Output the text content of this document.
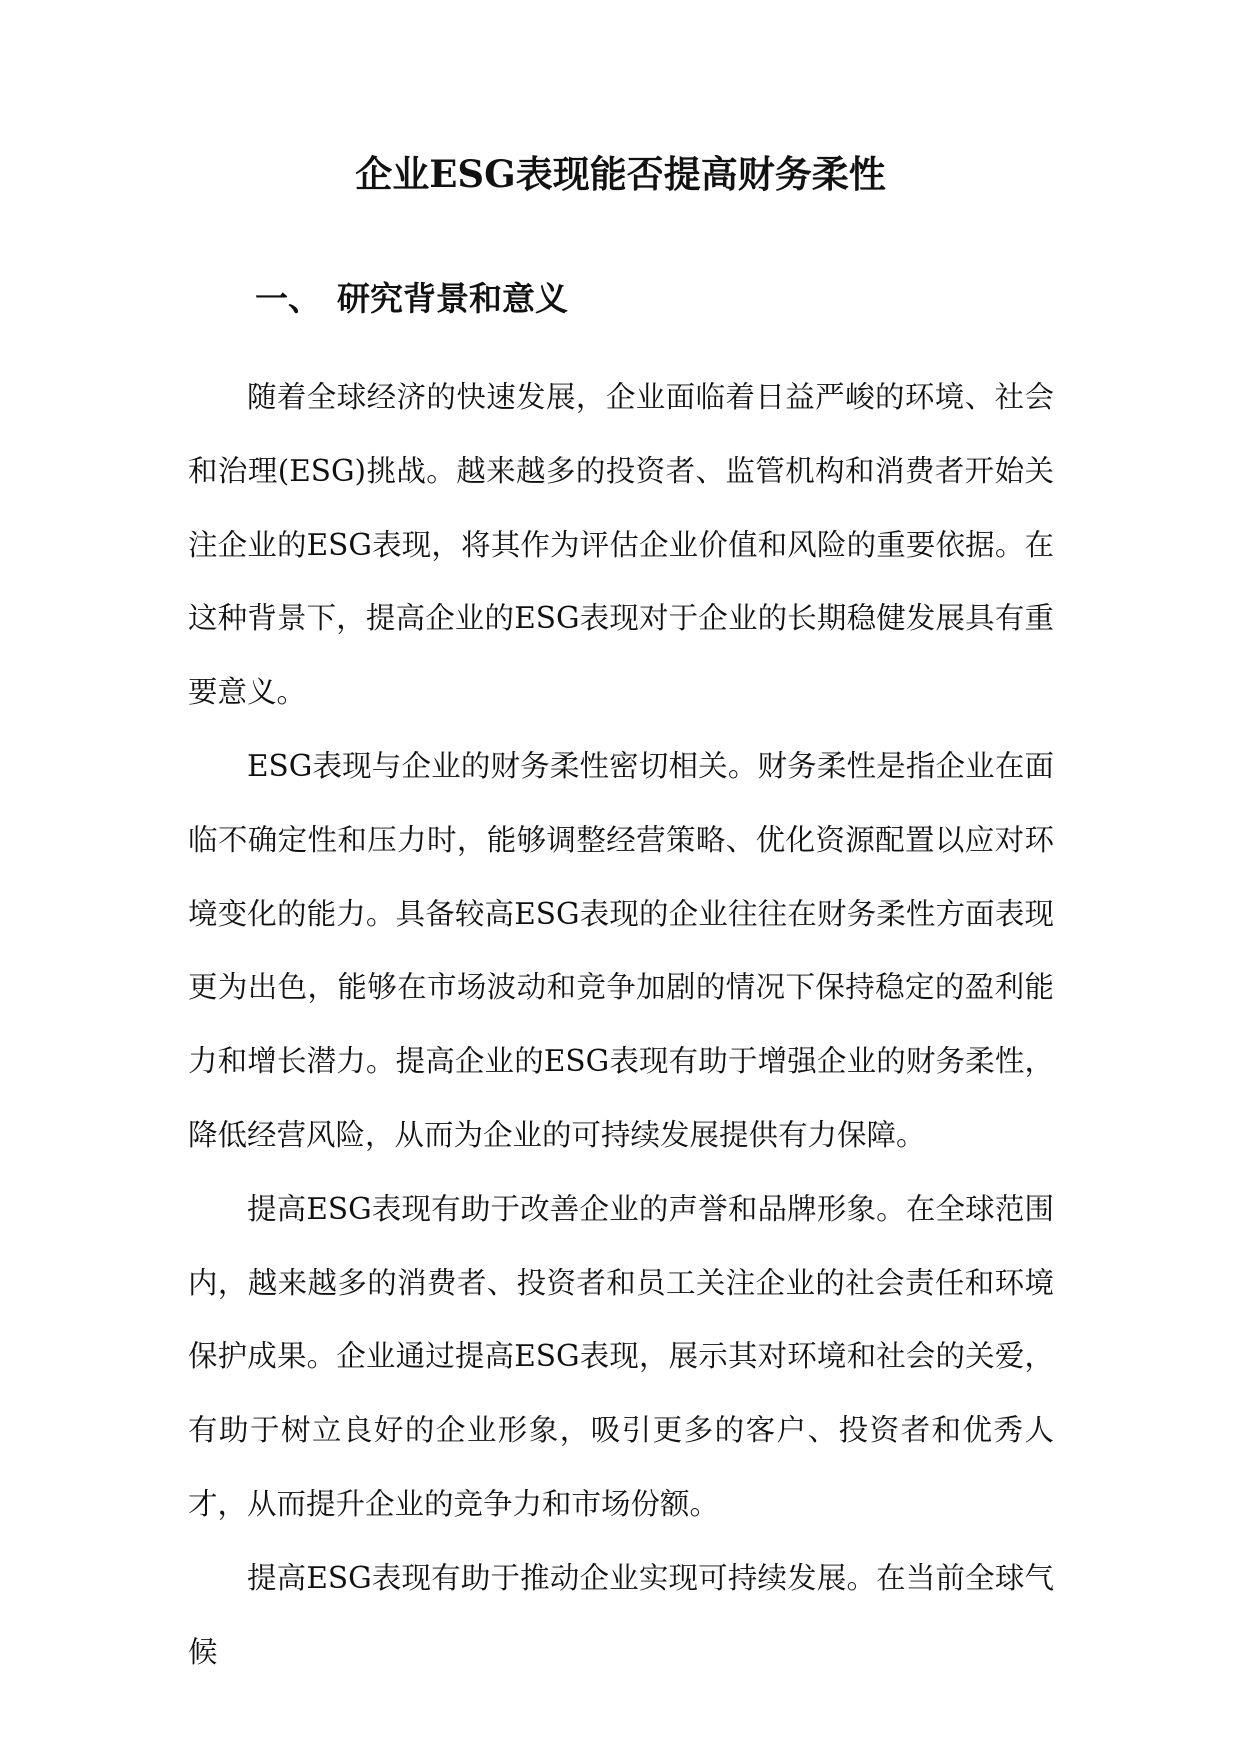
企业ESG表现能否提高财务柔性
一、 研究背景和意义

随着全球经济的快速发展，企业面临着日益严峻的环境、社会和治理(ESG)挑战。越来越多的投资者、监管机构和消费者开始关注企业的ESG表现，将其作为评估企业价值和风险的重要依据。在这种背景下，提高企业的ESG表现对于企业的长期稳健发展具有重要意义。

ESG表现与企业的财务柔性密切相关。财务柔性是指企业在面临不确定性和压力时，能够调整经营策略、优化资源配置以应对环境变化的能力。具备较高ESG表现的企业往往在财务柔性方面表现更为出色，能够在市场波动和竞争加剧的情况下保持稳定的盈利能力和增长潜力。提高企业的ESG表现有助于增强企业的财务柔性，降低经营风险，从而为企业的可持续发展提供有力保障。

提高ESG表现有助于改善企业的声誉和品牌形象。在全球范围内，越来越多的消费者、投资者和员工关注企业的社会责任和环境保护成果。企业通过提高ESG表现，展示其对环境和社会的关爱，有助于树立良好的企业形象，吸引更多的客户、投资者和优秀人才，从而提升企业的竞争力和市场份额。

提高ESG表现有助于推动企业实现可持续发展。在当前全球气候
